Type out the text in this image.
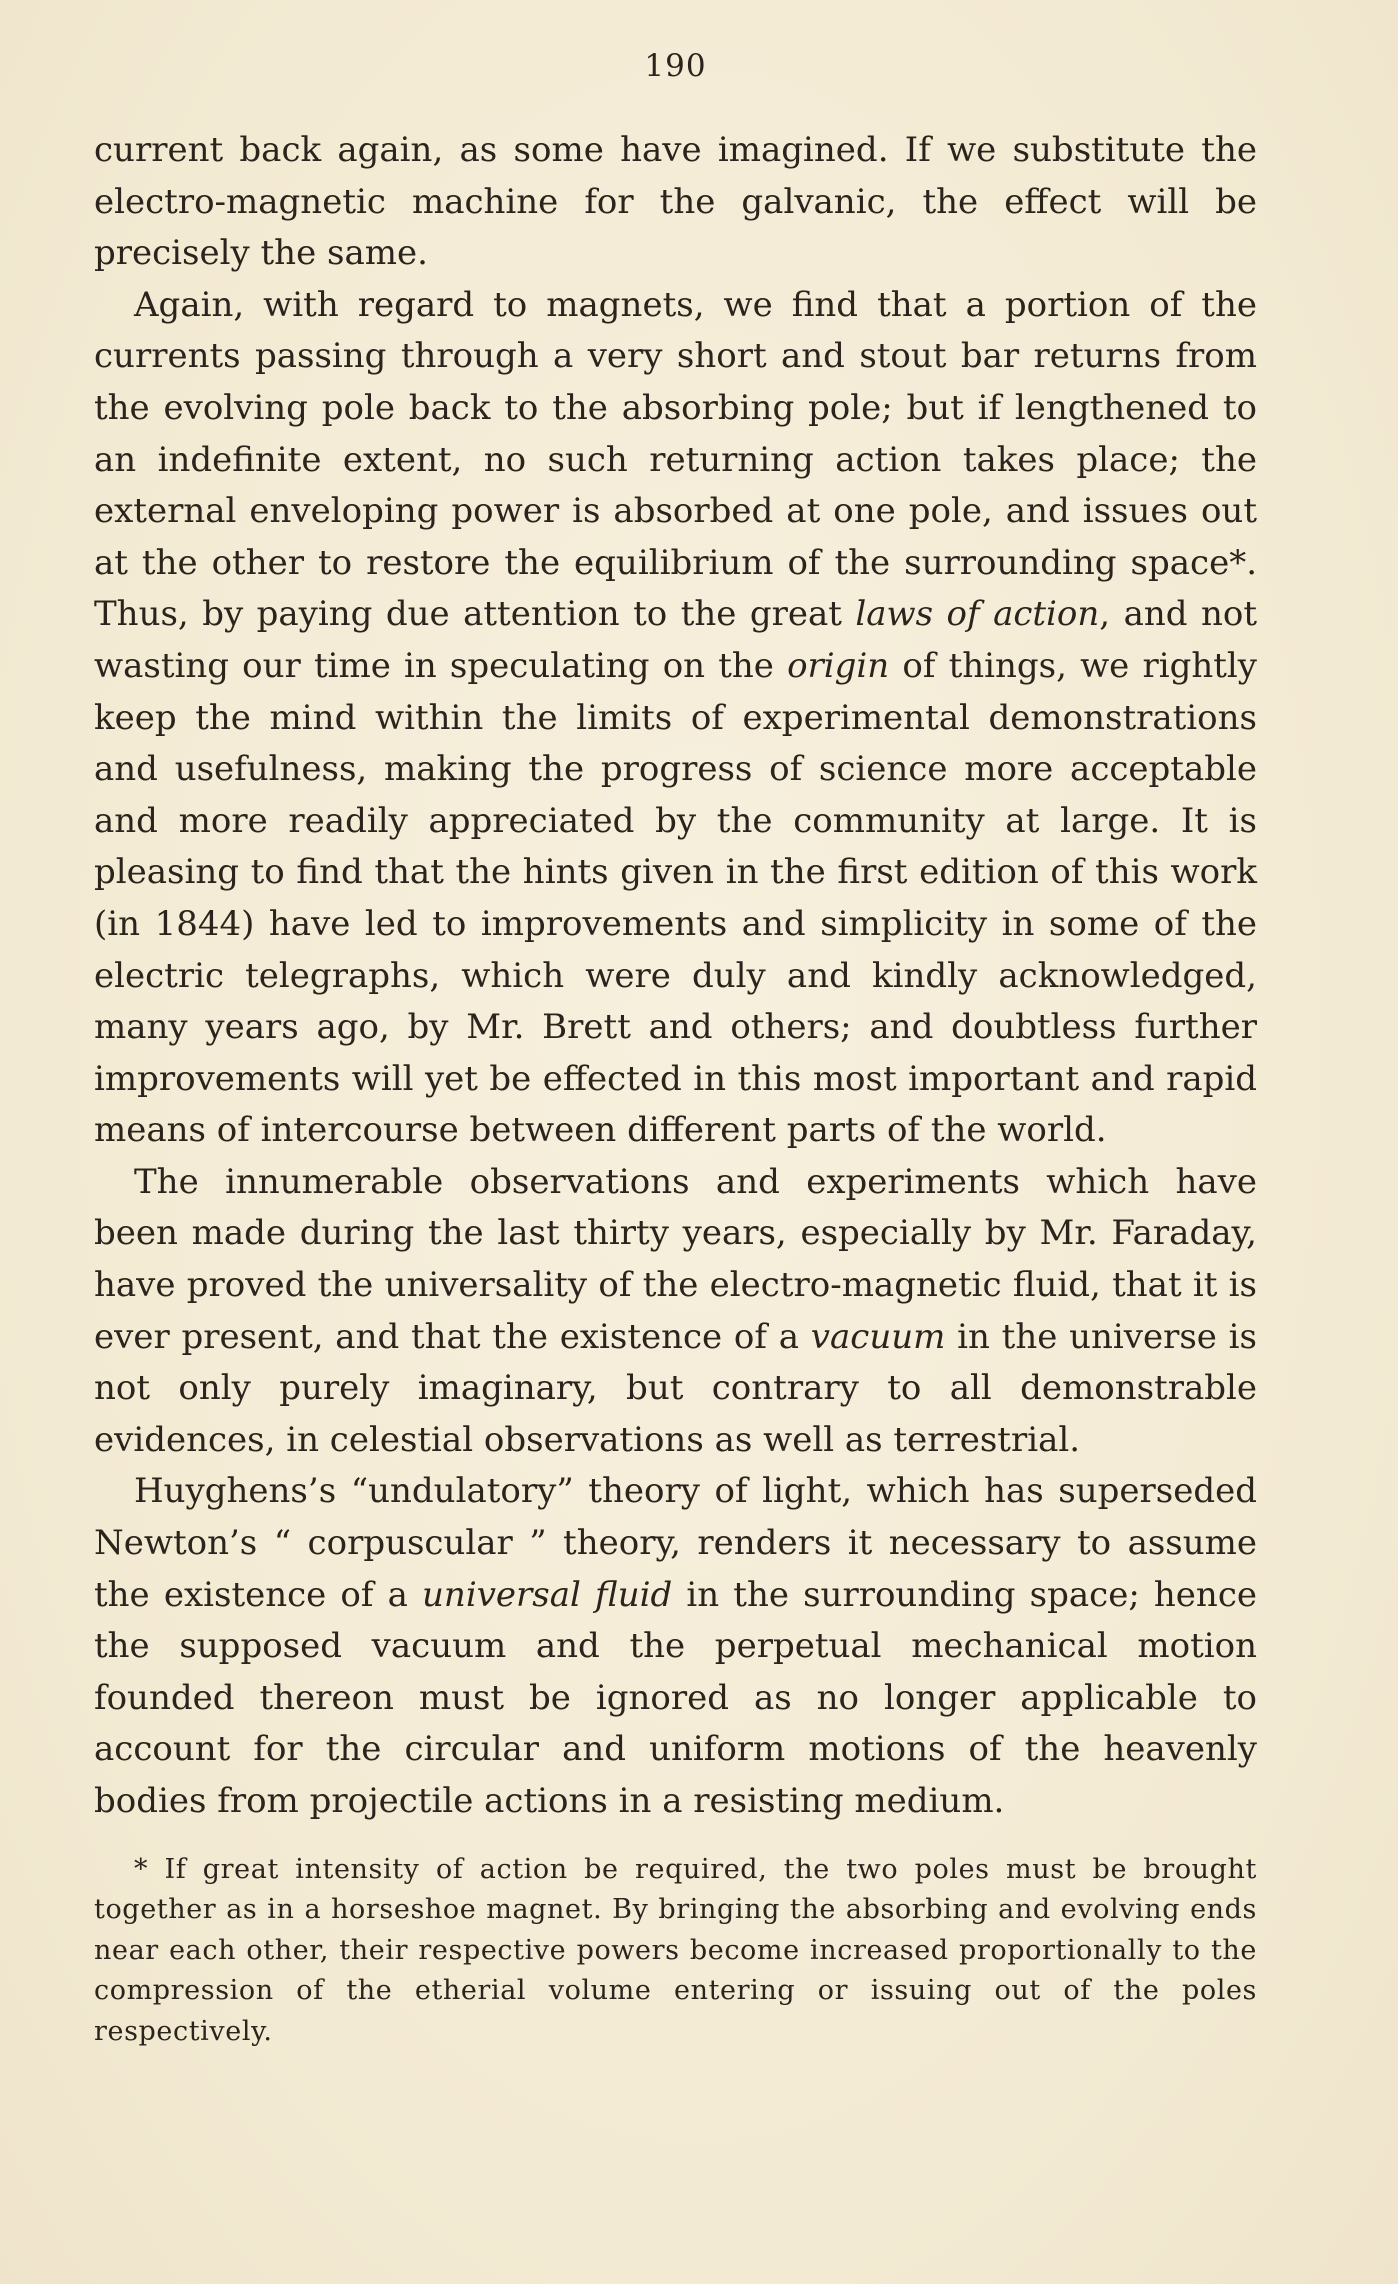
190

current back again, as some have imagined. If we substitute the electro-magnetic machine for the galvanic, the effect will be precisely the same.

Again, with regard to magnets, we find that a portion of the currents passing through a very short and stout bar returns from the evolving pole back to the absorbing pole; but if lengthened to an indefinite extent, no such returning action takes place; the external enveloping power is absorbed at one pole, and issues out at the other to restore the equilibrium of the surrounding space*. Thus, by paying due attention to the great laws of action, and not wasting our time in speculating on the origin of things, we rightly keep the mind within the limits of experimental demonstrations and usefulness, making the progress of science more acceptable and more readily appreciated by the community at large. It is pleasing to find that the hints given in the first edition of this work (in 1844) have led to improvements and simplicity in some of the electric telegraphs, which were duly and kindly acknowledged, many years ago, by Mr. Brett and others; and doubtless further improvements will yet be effected in this most important and rapid means of intercourse between different parts of the world.

The innumerable observations and experiments which have been made during the last thirty years, especially by Mr. Faraday, have proved the universality of the electro-magnetic fluid, that it is ever present, and that the existence of a vacuum in the universe is not only purely imaginary, but contrary to all demonstrable evidences, in celestial observations as well as terrestrial.

Huyghens’s “undulatory” theory of light, which has superseded Newton’s “ corpuscular ” theory, renders it necessary to assume the existence of a universal fluid in the surrounding space; hence the supposed vacuum and the perpetual mechanical motion founded thereon must be ignored as no longer applicable to account for the circular and uniform motions of the heavenly bodies from projectile actions in a resisting medium.

* If great intensity of action be required, the two poles must be brought together as in a horseshoe magnet. By bringing the absorbing and evolving ends near each other, their respective powers become increased proportionally to the compression of the etherial volume entering or issuing out of the poles respectively.
